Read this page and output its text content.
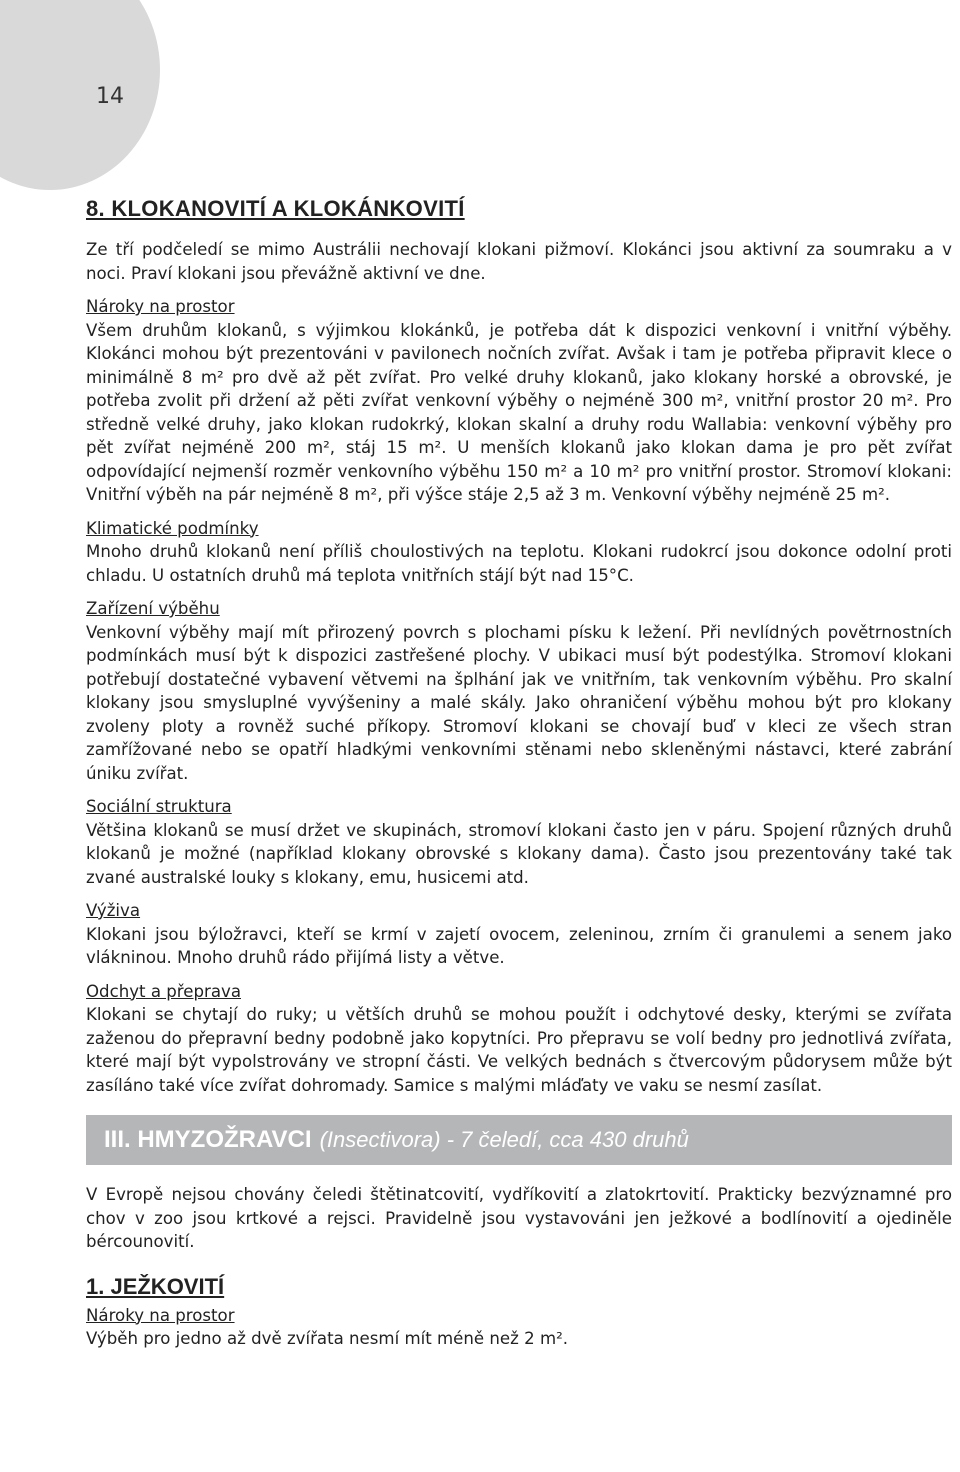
14
8. KLOKANOVITÍ A KLOKÁNKOVITÍ

Ze tří podčeledí se mimo Austrálii nechovají klokani pižmoví. Klokánci jsou aktivní za soumraku a v noci. Praví klokani jsou převážně aktivní ve dne.

Nároky na prostor

Všem druhům klokanů, s výjimkou klokánků, je potřeba dát k dispozici venkovní i vnitřní výběhy. Klokánci mohou být prezentováni v pavilonech nočních zvířat. Avšak i tam je potřeba připravit klece o minimálně 8 m² pro dvě až pět zvířat. Pro velké druhy klokanů, jako klokany horské a obrovské, je potřeba zvolit při držení až pěti zvířat venkovní výběhy o nejméně 300 m², vnitřní prostor 20 m². Pro středně velké druhy, jako klokan rudokrký, klokan skalní a druhy rodu Wallabia: venkovní výběhy pro pět zvířat nejméně 200 m², stáj 15 m². U menších klokanů jako klokan dama je pro pět zvířat odpovídající nejmenší rozměr venkovního výběhu 150 m² a 10 m² pro vnitřní prostor. Stromoví klokani: Vnitřní výběh na pár nejméně 8 m², při výšce stáje 2,5 až 3 m. Venkovní výběhy nejméně 25 m².

Klimatické podmínky

Mnoho druhů klokanů není příliš choulostivých na teplotu. Klokani rudokrcí jsou dokonce odolní proti chladu. U ostatních druhů má teplota vnitřních stájí být nad 15°C.

Zařízení výběhu

Venkovní výběhy mají mít přirozený povrch s plochami písku k ležení. Při nevlídných povětrnostních podmínkách musí být k dispozici zastřešené plochy. V ubikaci musí být podestýlka. Stromoví klokani potřebují dostatečné vybavení větvemi na šplhání jak ve vnitřním, tak venkovním výběhu. Pro skalní klokany jsou smysluplné vyvýšeniny a malé skály. Jako ohraničení výběhu mohou být pro klokany zvoleny ploty a rovněž suché příkopy. Stromoví klokani se chovají buď v kleci ze všech stran zamřížované nebo se opatří hladkými venkovními stěnami nebo skleněnými nástavci, které zabrání úniku zvířat.

Sociální struktura

Většina klokanů se musí držet ve skupinách, stromoví klokani často jen v páru. Spojení různých druhů klokanů je možné (například klokany obrovské s klokany dama). Často jsou prezentovány také tak zvané australské louky s klokany, emu, husicemi atd.

Výživa

Klokani jsou býložravci, kteří se krmí v zajetí ovocem, zeleninou, zrním či granulemi a senem jako vlákninou. Mnoho druhů rádo přijímá listy a větve.

Odchyt a přeprava

Klokani se chytají do ruky; u větších druhů se mohou použít i odchytové desky, kterými se zvířata zaženou do přepravní bedny podobně jako kopytníci. Pro přepravu se volí bedny pro jednotlivá zvířata, které mají být vypolstrovány ve stropní části. Ve velkých bednách s čtvercovým půdorysem může být zasíláno také více zvířat dohromady. Samice s malými mláďaty ve vaku se nesmí zasílat.

III. HMYZOŽRAVCI (Insectivora) - 7 čeledí, cca 430 druhů

V Evropě nejsou chovány čeledi štětinatcovití, vydříkovití a zlatokrtovití. Prakticky bezvýznamné pro chov v zoo jsou krtkové a rejsci. Pravidelně jsou vystavováni jen ježkové a bodlínovití a ojediněle bércounovití.

1. JEŽKOVITÍ
Nároky na prostor

Výběh pro jedno až dvě zvířata nesmí mít méně než 2 m².
